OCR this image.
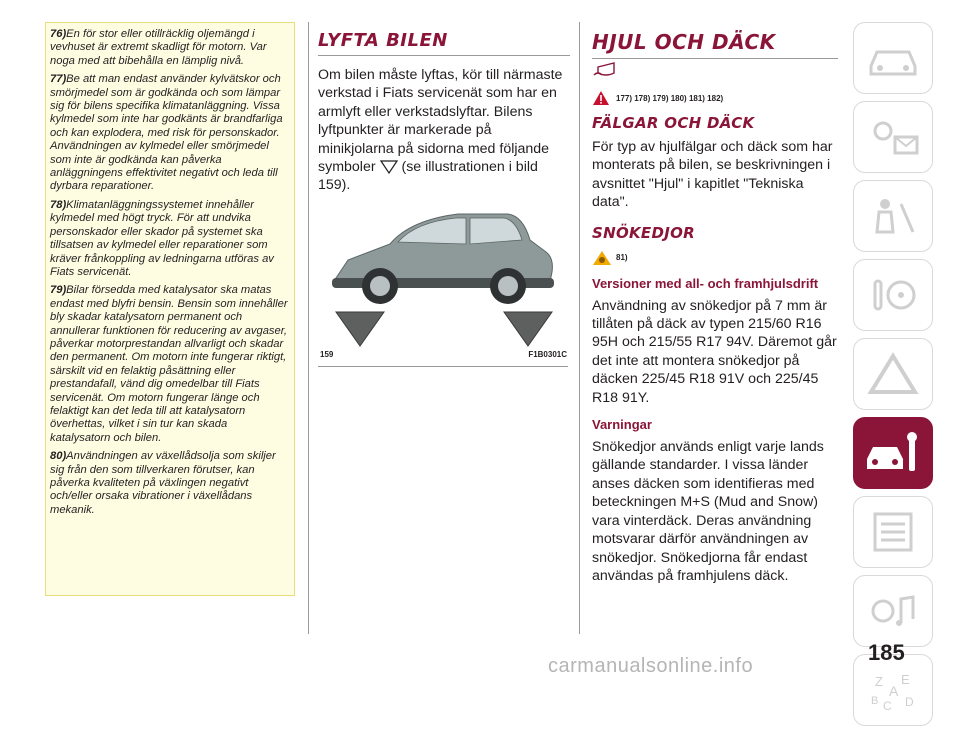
76)En för stor eller otillräcklig oljemängd i vevhuset är extremt skadligt för motorn. Var noga med att bibehålla en lämplig nivå.

77)Be att man endast använder kylvätskor och smörjmedel som är godkända och som lämpar sig för bilens specifika klimatanläggning. Vissa kylmedel som inte har godkänts är brandfarliga och kan explodera, med risk för personskador. Användningen av kylmedel eller smörjmedel som inte är godkända kan påverka anläggningens effektivitet negativt och leda till dyrbara reparationer.

78)Klimatanläggningssystemet innehåller kylmedel med högt tryck. För att undvika personskador eller skador på systemet ska tillsatsen av kylmedel eller reparationer som kräver frånkoppling av ledningarna utföras av Fiats servicenät.

79)Bilar försedda med katalysator ska matas endast med blyfri bensin. Bensin som innehåller bly skadar katalysatorn permanent och annullerar funktionen för reducering av avgaser, påverkar motorprestandan allvarligt och skadar den permanent. Om motorn inte fungerar riktigt, särskilt vid en felaktig påsättning eller prestandafall, vänd dig omedelbar till Fiats servicenät. Om motorn fungerar länge och felaktigt kan det leda till att katalysatorn överhettas, vilket i sin tur kan skada katalysatorn och bilen.

80)Användningen av växellådsolja som skiljer sig från den som tillverkaren förutser, kan påverka kvaliteten på växlingen negativt och/eller orsaka vibrationer i växellådans mekanik.

LYFTA BILEN

Om bilen måste lyftas, kör till närmaste verkstad i Fiats servicenät som har en armlyft eller verkstadslyftar. Bilens lyftpunkter är markerade på minikjolarna på sidorna med följande symboler (se illustrationen i bild 159).

159	F1B0301C
HJUL OCH DÄCK
177) 178) 179) 180) 181) 182)
FÄLGAR OCH DÄCK

För typ av hjulfälgar och däck som har monterats på bilen, se beskrivningen i avsnittet "Hjul" i kapitlet "Tekniska data".

SNÖKEDJOR
81)
Versioner med all- och framhjulsdrift

Användning av snökedjor på 7 mm är tillåten på däck av typen 215/60 R16 95H och 215/55 R17 94V. Däremot går det inte att montera snökedjor på däcken 225/45 R18 91V och 225/45 R18 91Y.

Varningar

Snökedjor används enligt varje lands gällande standarder. I vissa länder anses däcken som identifieras med beteckningen M+S (Mud and Snow) vara vinterdäck. Deras användning motsvarar därför användningen av snökedjor. Snökedjorna får endast användas på framhjulens däck.

Z E
A
B C D
185
carmanualsonline.info
